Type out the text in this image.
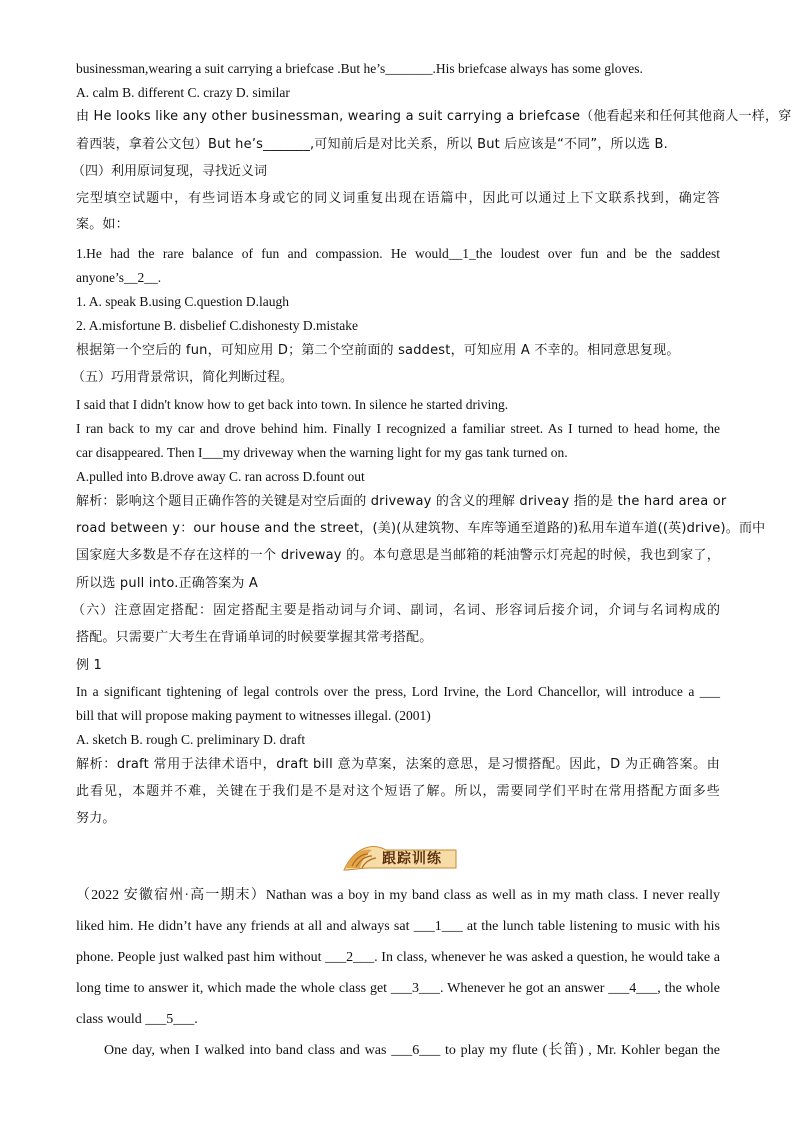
businessman,wearing a suit carrying a briefcase .But he’s_______.His briefcase always has some gloves.
A. calm B. different C. crazy D. similar
由 He looks like any other businessman, wearing a suit carrying a briefcase（他看起来和任何其他商人一样，穿
着西装，拿着公文包）But he’s_______,可知前后是对比关系，所以 But 后应该是“不同”，所以选 B.
（四）利用原词复现，寻找近义词
完型填空试题中，有些词语本身或它的同义词重复出现在语篇中，因此可以通过上下文联系找到，确定答
案。如：
1.He had the rare balance of fun and compassion. He would__1_the loudest over fun and be the saddest
anyone’s__2__.
1. A. speak B.using C.question D.laugh
2. A.misfortune B. disbelief C.dishonesty D.mistake
根据第一个空后的 fun，可知应用 D；第二个空前面的 saddest，可知应用 A 不幸的。相同意思复现。
（五）巧用背景常识，简化判断过程。
I said that I didn't know how to get back into town. In silence he started driving.
I ran back to my car and drove behind him. Finally I recognized a familiar street. As I turned to head home, the
car disappeared. Then I___my driveway when the warning light for my gas tank turned on.
A.pulled into B.drove away C. ran across D.fount out
解析：影响这个题目正确作答的关键是对空后面的 driveway 的含义的理解 driveay 指的是 the hard area or
road between y：our house and the street，(美)(从建筑物、车库等通至道路的)私用车道车道((英)drive)。而中
国家庭大多数是不存在这样的一个 driveway 的。本句意思是当邮箱的耗油警示灯亮起的时候，我也到家了，
所以选 pull into.正确答案为 A
（六）注意固定搭配：固定搭配主要是指动词与介词、副词，名词、形容词后接介词，介词与名词构成的
搭配。只需要广大考生在背诵单词的时候要掌握其常考搭配。
例 1
In a significant tightening of legal controls over the press, Lord Irvine, the Lord Chancellor, will introduce a ___
bill that will propose making payment to witnesses illegal. (2001)
A. sketch B. rough C. preliminary D. draft
解析：draft 常用于法律术语中，draft bill 意为草案，法案的意思，是习惯搭配。因此，D 为正确答案。由
此看见，本题并不难，关键在于我们是不是对这个短语了解。所以，需要同学们平时在常用搭配方面多些
努力。
跟踪训练
（2022 安徽宿州·高一期末）Nathan was a boy in my band class as well as in my math class. I never really
liked him. He didn’t have any friends at all and always sat ___1___ at the lunch table listening to music with his
phone. People just walked past him without ___2___. In class, whenever he was asked a question, he would take a
long time to answer it, which made the whole class get ___3___. Whenever he got an answer ___4___, the whole
class would ___5___.
One day, when I walked into band class and was ___6___ to play my flute (长笛) , Mr. Kohler began the
